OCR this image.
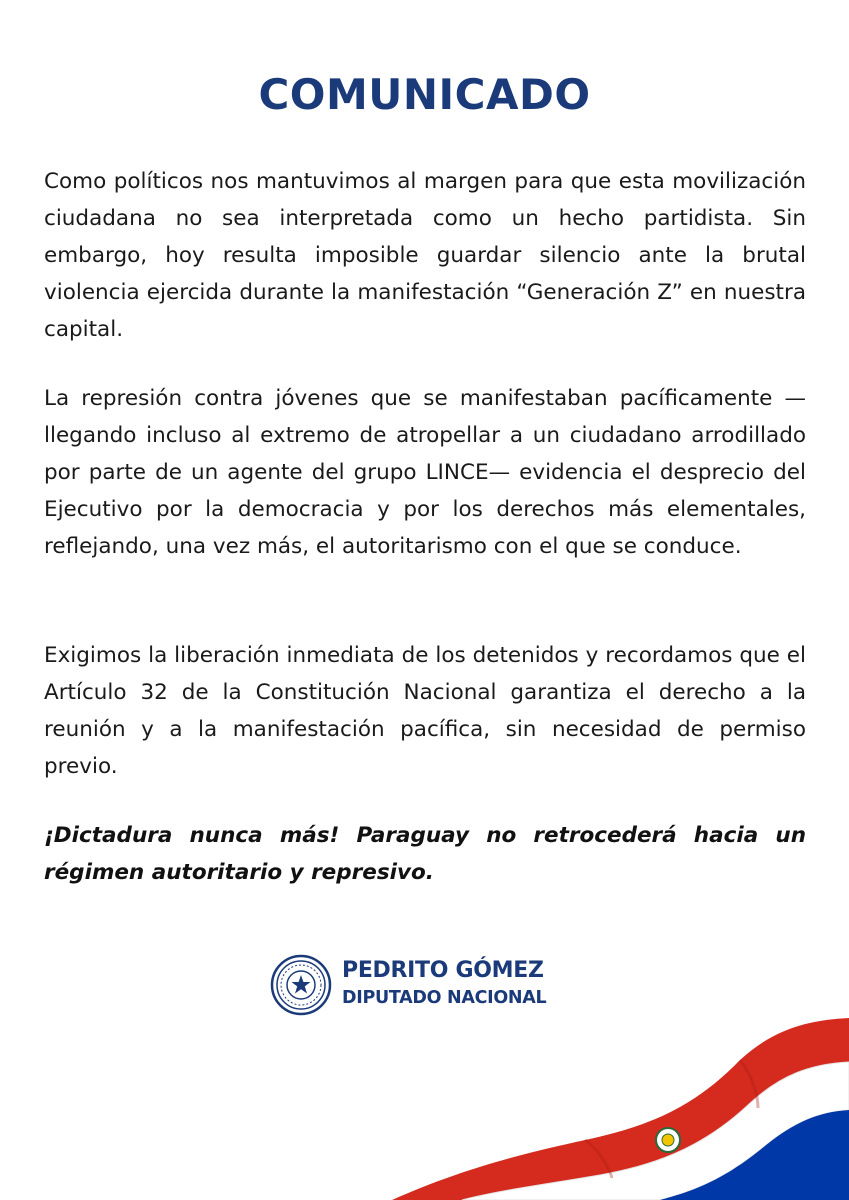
COMUNICADO

Como políticos nos mantuvimos al margen para que esta movilización ciudadana no sea interpretada como un hecho partidista. Sin embargo, hoy resulta imposible guardar silencio ante la brutal violencia ejercida durante la manifestación “Generación Z” en nuestra capital.

La represión contra jóvenes que se manifestaban pacíficamente —llegando incluso al extremo de atropellar a un ciudadano arrodillado por parte de un agente del grupo LINCE— evidencia el desprecio del Ejecutivo por la democracia y por los derechos más elementales, reflejando, una vez más, el autoritarismo con el que se conduce.

Exigimos la liberación inmediata de los detenidos y recordamos que el Artículo 32 de la Constitución Nacional garantiza el derecho a la reunión y a la manifestación pacífica, sin necesidad de permiso previo.

¡Dictadura nunca más! Paraguay no retrocederá hacia un régimen autoritario y represivo.

PEDRITO GÓMEZ
DIPUTADO NACIONAL
